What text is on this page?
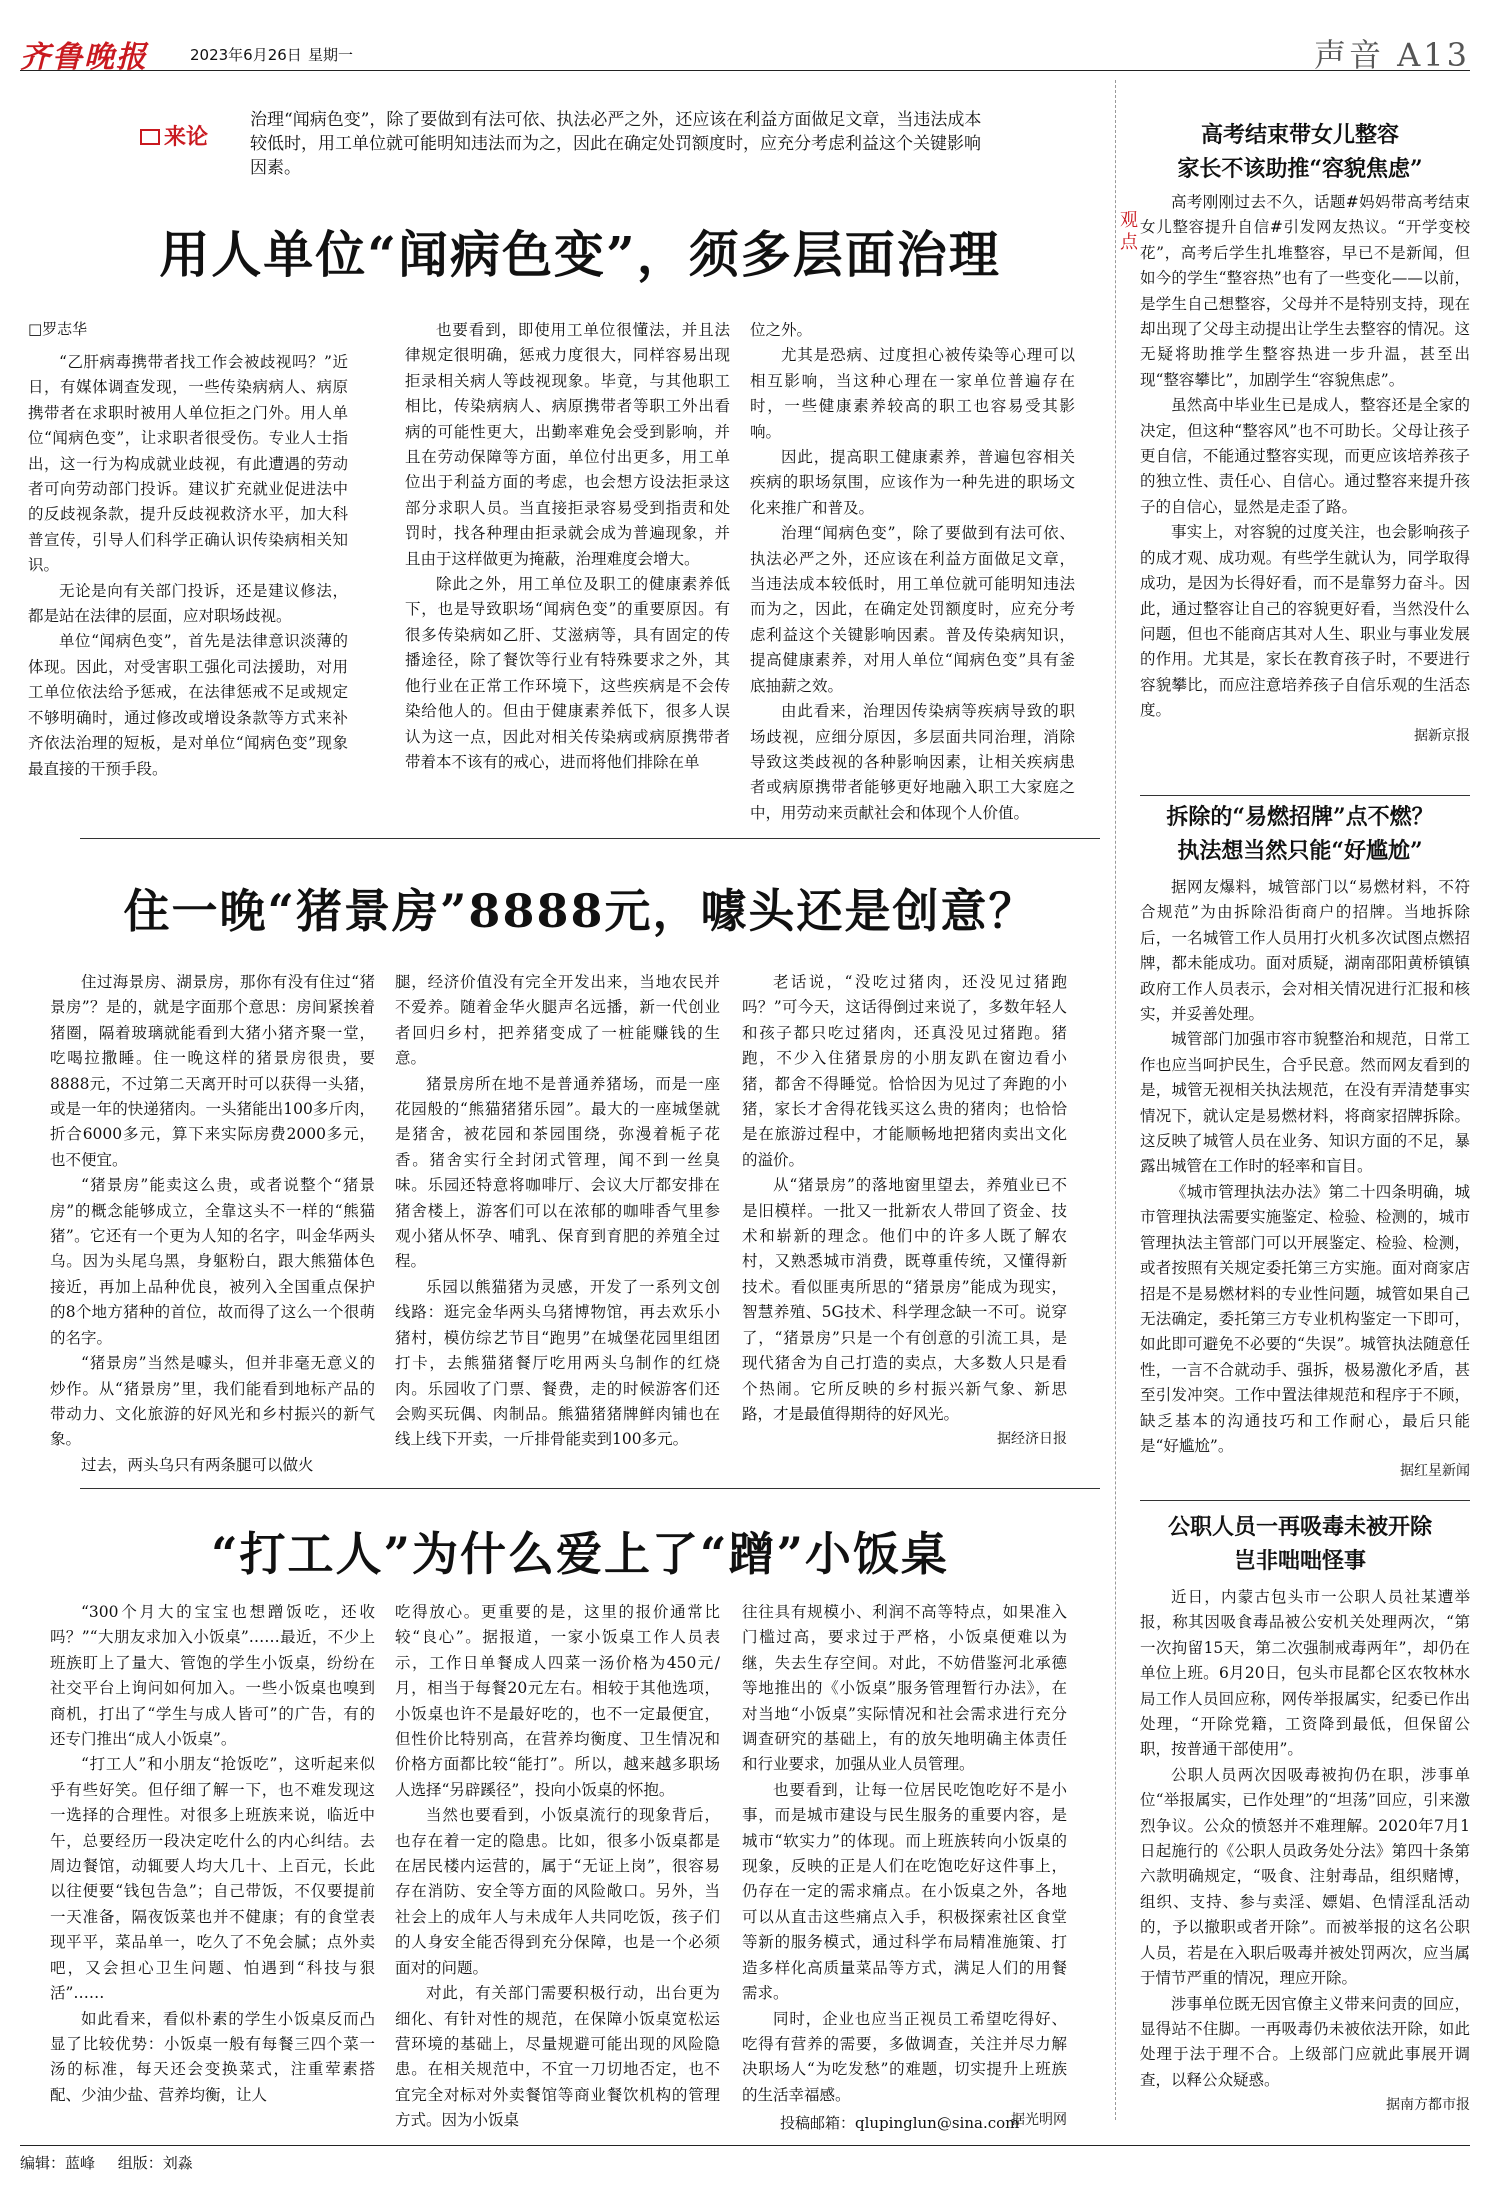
齐鲁晚报	2023年6月26日 星期一	声音 A13
来论
治理“闻病色变”，除了要做到有法可依、执法必严之外，还应该在利益方面做足文章，当违法成本较低时，用工单位就可能明知违法而为之，因此在确定处罚额度时，应充分考虑利益这个关键影响因素。
用人单位“闻病色变”，须多层面治理
□罗志华

“乙肝病毒携带者找工作会被歧视吗？”近日，有媒体调查发现，一些传染病病人、病原携带者在求职时被用人单位拒之门外。用人单位“闻病色变”，让求职者很受伤。专业人士指出，这一行为构成就业歧视，有此遭遇的劳动者可向劳动部门投诉。建议扩充就业促进法中的反歧视条款，提升反歧视救济水平，加大科普宣传，引导人们科学正确认识传染病相关知识。

无论是向有关部门投诉，还是建议修法，都是站在法律的层面，应对职场歧视。

单位“闻病色变”，首先是法律意识淡薄的体现。因此，对受害职工强化司法援助，对用工单位依法给予惩戒，在法律惩戒不足或规定不够明确时，通过修改或增设条款等方式来补齐依法治理的短板，是对单位“闻病色变”现象最直接的干预手段。

也要看到，即使用工单位很懂法，并且法律规定很明确，惩戒力度很大，同样容易出现拒录相关病人等歧视现象。毕竟，与其他职工相比，传染病病人、病原携带者等职工外出看病的可能性更大，出勤率难免会受到影响，并且在劳动保障等方面，单位付出更多，用工单位出于利益方面的考虑，也会想方设法拒录这部分求职人员。当直接拒录容易受到指责和处罚时，找各种理由拒录就会成为普遍现象，并且由于这样做更为掩蔽，治理难度会增大。

除此之外，用工单位及职工的健康素养低下，也是导致职场“闻病色变”的重要原因。有很多传染病如乙肝、艾滋病等，具有固定的传播途径，除了餐饮等行业有特殊要求之外，其他行业在正常工作环境下，这些疾病是不会传染给他人的。但由于健康素养低下，很多人误认为这一点，因此对相关传染病或病原携带者带着本不该有的戒心，进而将他们排除在单

位之外。

尤其是恐病、过度担心被传染等心理可以相互影响，当这种心理在一家单位普遍存在时，一些健康素养较高的职工也容易受其影响。

因此，提高职工健康素养，普遍包容相关疾病的职场氛围，应该作为一种先进的职场文化来推广和普及。

治理“闻病色变”，除了要做到有法可依、执法必严之外，还应该在利益方面做足文章，当违法成本较低时，用工单位就可能明知违法而为之，因此，在确定处罚额度时，应充分考虑利益这个关键影响因素。普及传染病知识，提高健康素养，对用人单位“闻病色变”具有釜底抽薪之效。

由此看来，治理因传染病等疾病导致的职场歧视，应细分原因，多层面共同治理，消除导致这类歧视的各种影响因素，让相关疾病患者或病原携带者能够更好地融入职工大家庭之中，用劳动来贡献社会和体现个人价值。

住一晚“猪景房”8888元，噱头还是创意？

住过海景房、湖景房，那你有没有住过“猪景房”？是的，就是字面那个意思：房间紧挨着猪圈，隔着玻璃就能看到大猪小猪齐聚一堂，吃喝拉撒睡。住一晚这样的猪景房很贵，要8888元，不过第二天离开时可以获得一头猪，或是一年的快递猪肉。一头猪能出100多斤肉，折合6000多元，算下来实际房费2000多元，也不便宜。

“猪景房”能卖这么贵，或者说整个“猪景房”的概念能够成立，全靠这头不一样的“熊猫猪”。它还有一个更为人知的名字，叫金华两头乌。因为头尾乌黑，身躯粉白，跟大熊猫体色接近，再加上品种优良，被列入全国重点保护的8个地方猪种的首位，故而得了这么一个很萌的名字。

“猪景房”当然是噱头，但并非毫无意义的炒作。从“猪景房”里，我们能看到地标产品的带动力、文化旅游的好风光和乡村振兴的新气象。

过去，两头乌只有两条腿可以做火

腿，经济价值没有完全开发出来，当地农民并不爱养。随着金华火腿声名远播，新一代创业者回归乡村，把养猪变成了一桩能赚钱的生意。

猪景房所在地不是普通养猪场，而是一座花园般的“熊猫猪猪乐园”。最大的一座城堡就是猪舍，被花园和茶园围绕，弥漫着栀子花香。猪舍实行全封闭式管理，闻不到一丝臭味。乐园还特意将咖啡厅、会议大厅都安排在猪舍楼上，游客们可以在浓郁的咖啡香气里参观小猪从怀孕、哺乳、保育到育肥的养殖全过程。

乐园以熊猫猪为灵感，开发了一系列文创线路：逛完金华两头乌猪博物馆，再去欢乐小猪村，模仿综艺节目“跑男”在城堡花园里组团打卡，去熊猫猪餐厅吃用两头乌制作的红烧肉。乐园收了门票、餐费，走的时候游客们还会购买玩偶、肉制品。熊猫猪猪牌鲜肉铺也在线上线下开卖，一斤排骨能卖到100多元。

老话说，“没吃过猪肉，还没见过猪跑吗？”可今天，这话得倒过来说了，多数年轻人和孩子都只吃过猪肉，还真没见过猪跑。猪跑，不少入住猪景房的小朋友趴在窗边看小猪，都舍不得睡觉。恰恰因为见过了奔跑的小猪，家长才舍得花钱买这么贵的猪肉；也恰恰是在旅游过程中，才能顺畅地把猪肉卖出文化的溢价。

从“猪景房”的落地窗里望去，养殖业已不是旧模样。一批又一批新农人带回了资金、技术和崭新的理念。他们中的许多人既了解农村，又熟悉城市消费，既尊重传统，又懂得新技术。看似匪夷所思的“猪景房”能成为现实，智慧养殖、5G技术、科学理念缺一不可。说穿了，“猪景房”只是一个有创意的引流工具，是现代猪舍为自己打造的卖点，大多数人只是看个热闹。它所反映的乡村振兴新气象、新思路，才是最值得期待的好风光。

据经济日报

“打工人”为什么爱上了“蹭”小饭桌

“300个月大的宝宝也想蹭饭吃，还收吗？”“大朋友求加入小饭桌”……最近，不少上班族盯上了量大、管饱的学生小饭桌，纷纷在社交平台上询问如何加入。一些小饭桌也嗅到商机，打出了“学生与成人皆可”的广告，有的还专门推出“成人小饭桌”。

“打工人”和小朋友“抢饭吃”，这听起来似乎有些好笑。但仔细了解一下，也不难发现这一选择的合理性。对很多上班族来说，临近中午，总要经历一段决定吃什么的内心纠结。去周边餐馆，动辄要人均大几十、上百元，长此以往便要“钱包告急”；自己带饭，不仅要提前一天准备，隔夜饭菜也并不健康；有的食堂表现平平，菜品单一，吃久了不免会腻；点外卖吧，又会担心卫生问题、怕遇到“科技与狠活”……

如此看来，看似朴素的学生小饭桌反而凸显了比较优势：小饭桌一般有每餐三四个菜一汤的标准，每天还会变换菜式，注重荤素搭配、少油少盐、营养均衡，让人

吃得放心。更重要的是，这里的报价通常比较“良心”。据报道，一家小饭桌工作人员表示，工作日单餐成人四菜一汤价格为450元/月，相当于每餐20元左右。相较于其他选项，小饭桌也许不是最好吃的，也不一定最便宜，但性价比特别高，在营养均衡度、卫生情况和价格方面都比较“能打”。所以，越来越多职场人选择“另辟蹊径”，投向小饭桌的怀抱。

当然也要看到，小饭桌流行的现象背后，也存在着一定的隐患。比如，很多小饭桌都是在居民楼内运营的，属于“无证上岗”，很容易存在消防、安全等方面的风险敞口。另外，当社会上的成年人与未成年人共同吃饭，孩子们的人身安全能否得到充分保障，也是一个必须面对的问题。

对此，有关部门需要积极行动，出台更为细化、有针对性的规范，在保障小饭桌宽松运营环境的基础上，尽量规避可能出现的风险隐患。在相关规范中，不宜一刀切地否定，也不宜完全对标对外卖餐馆等商业餐饮机构的管理方式。因为小饭桌

往往具有规模小、利润不高等特点，如果准入门槛过高，要求过于严格，小饭桌便难以为继，失去生存空间。对此，不妨借鉴河北承德等地推出的《小饭桌”服务管理暂行办法》，在对当地“小饭桌”实际情况和社会需求进行充分调查研究的基础上，有的放矢地明确主体责任和行业要求，加强从业人员管理。

也要看到，让每一位居民吃饱吃好不是小事，而是城市建设与民生服务的重要内容，是城市“软实力”的体现。而上班族转向小饭桌的现象，反映的正是人们在吃饱吃好这件事上，仍存在一定的需求痛点。在小饭桌之外，各地可以从直击这些痛点入手，积极探索社区食堂等新的服务模式，通过科学布局精准施策、打造多样化高质量菜品等方式，满足人们的用餐需求。

同时，企业也应当正视员工希望吃得好、吃得有营养的需要，多做调查，关注并尽力解决职场人“为吃发愁”的难题，切实提升上班族的生活幸福感。

据光明网

投稿邮箱：qlupinglun@sina.com
观点
高考结束带女儿整容
家长不该助推“容貌焦虑”

高考刚刚过去不久，话题#妈妈带高考结束女儿整容提升自信#引发网友热议。“开学变校花”，高考后学生扎堆整容，早已不是新闻，但如今的学生“整容热”也有了一些变化——以前，是学生自己想整容，父母并不是特别支持，现在却出现了父母主动提出让学生去整容的情况。这无疑将助推学生整容热进一步升温，甚至出现“整容攀比”，加剧学生“容貌焦虑”。

虽然高中毕业生已是成人，整容还是全家的决定，但这种“整容风”也不可助长。父母让孩子更自信，不能通过整容实现，而更应该培养孩子的独立性、责任心、自信心。通过整容来提升孩子的自信心，显然是走歪了路。

事实上，对容貌的过度关注，也会影响孩子的成才观、成功观。有些学生就认为，同学取得成功，是因为长得好看，而不是靠努力奋斗。因此，通过整容让自己的容貌更好看，当然没什么问题，但也不能商店其对人生、职业与事业发展的作用。尤其是，家长在教育孩子时，不要进行容貌攀比，而应注意培养孩子自信乐观的生活态度。

据新京报

拆除的“易燃招牌”点不燃？
执法想当然只能“好尴尬”

据网友爆料，城管部门以“易燃材料，不符合规范”为由拆除沿街商户的招牌。当地拆除后，一名城管工作人员用打火机多次试图点燃招牌，都未能成功。面对质疑，湖南邵阳黄桥镇镇政府工作人员表示，会对相关情况进行汇报和核实，并妥善处理。

城管部门加强市容市貌整治和规范，日常工作也应当呵护民生，合乎民意。然而网友看到的是，城管无视相关执法规范，在没有弄清楚事实情况下，就认定是易燃材料，将商家招牌拆除。这反映了城管人员在业务、知识方面的不足，暴露出城管在工作时的轻率和盲目。

《城市管理执法办法》第二十四条明确，城市管理执法需要实施鉴定、检验、检测的，城市管理执法主管部门可以开展鉴定、检验、检测，或者按照有关规定委托第三方实施。面对商家店招是不是易燃材料的专业性问题，城管如果自己无法确定，委托第三方专业机构鉴定一下即可，如此即可避免不必要的“失误”。城管执法随意任性，一言不合就动手、强拆，极易激化矛盾，甚至引发冲突。工作中置法律规范和程序于不顾，缺乏基本的沟通技巧和工作耐心，最后只能是“好尴尬”。

据红星新闻

公职人员一再吸毒未被开除
岂非咄咄怪事

近日，内蒙古包头市一公职人员社某遭举报，称其因吸食毒品被公安机关处理两次，“第一次拘留15天，第二次强制戒毒两年”，却仍在单位上班。6月20日，包头市昆都仑区农牧林水局工作人员回应称，网传举报属实，纪委已作出处理，“开除党籍，工资降到最低，但保留公职，按普通干部使用”。

公职人员两次因吸毒被拘仍在职，涉事单位“举报属实，已作处理”的“坦荡”回应，引来激烈争议。公众的愤怒并不难理解。2020年7月1日起施行的《公职人员政务处分法》第四十条第六款明确规定，“吸食、注射毒品，组织赌博，组织、支持、参与卖淫、嫖娼、色情淫乱活动的，予以撤职或者开除”。而被举报的这名公职人员，若是在入职后吸毒并被处罚两次，应当属于情节严重的情况，理应开除。

涉事单位既无因官僚主义带来问责的回应，显得站不住脚。一再吸毒仍未被依法开除，如此处理于法于理不合。上级部门应就此事展开调查，以释公众疑惑。

据南方都市报

编辑：蓝峰 组版：刘淼
